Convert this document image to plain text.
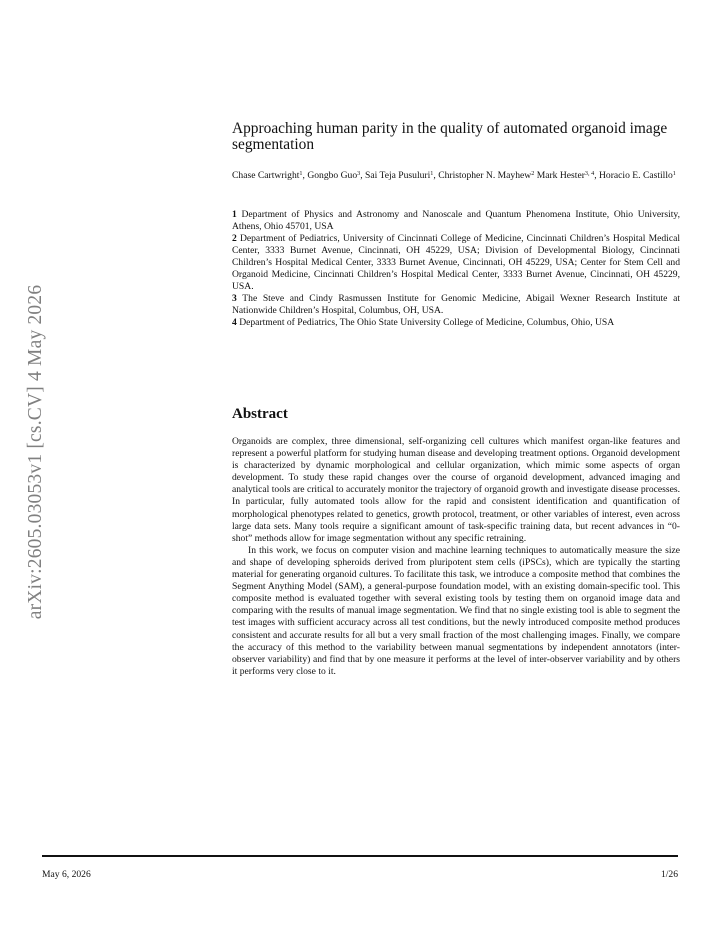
arXiv:2605.03053v1 [cs.CV] 4 May 2026
Approaching human parity in the quality of automated organoid image segmentation
Chase Cartwright$^1$, Gongbo Guo$^3$, Sai Teja Pusuluri$^1$, Christopher N. Mayhew$^2$ Mark Hester$^{3, 4}$, Horacio E. Castillo$^1$
1 Department of Physics and Astronomy and Nanoscale and Quantum Phenomena Institute, Ohio University, Athens, Ohio 45701, USA
2 Department of Pediatrics, University of Cincinnati College of Medicine, Cincinnati Children’s Hospital Medical Center, 3333 Burnet Avenue, Cincinnati, OH 45229, USA; Division of Developmental Biology, Cincinnati Children’s Hospital Medical Center, 3333 Burnet Avenue, Cincinnati, OH 45229, USA; Center for Stem Cell and Organoid Medicine, Cincinnati Children’s Hospital Medical Center, 3333 Burnet Avenue, Cincinnati, OH 45229, USA.
3 The Steve and Cindy Rasmussen Institute for Genomic Medicine, Abigail Wexner Research Institute at Nationwide Children’s Hospital, Columbus, OH, USA.
4 Department of Pediatrics, The Ohio State University College of Medicine, Columbus, Ohio, USA
Abstract

Organoids are complex, three dimensional, self-organizing cell cultures which manifest organ-like features and represent a powerful platform for studying human disease and developing treatment options. Organoid development is characterized by dynamic morphological and cellular organization, which mimic some aspects of organ development. To study these rapid changes over the course of organoid development, advanced imaging and analytical tools are critical to accurately monitor the trajectory of organoid growth and investigate disease processes. In particular, fully automated tools allow for the rapid and consistent identification and quantification of morphological phenotypes related to genetics, growth protocol, treatment, or other variables of interest, even across large data sets. Many tools require a significant amount of task-specific training data, but recent advances in “0-shot” methods allow for image segmentation without any specific retraining.

In this work, we focus on computer vision and machine learning techniques to automatically measure the size and shape of developing spheroids derived from pluripotent stem cells (iPSCs), which are typically the starting material for generating organoid cultures. To facilitate this task, we introduce a composite method that combines the Segment Anything Model (SAM), a general-purpose foundation model, with an existing domain-specific tool. This composite method is evaluated together with several existing tools by testing them on organoid image data and comparing with the results of manual image segmentation. We find that no single existing tool is able to segment the test images with sufficient accuracy across all test conditions, but the newly introduced composite method produces consistent and accurate results for all but a very small fraction of the most challenging images. Finally, we compare the accuracy of this method to the variability between manual segmentations by independent annotators (inter-observer variability) and find that by one measure it performs at the level of inter-observer variability and by others it performs very close to it.

May 6, 2026	1/26
